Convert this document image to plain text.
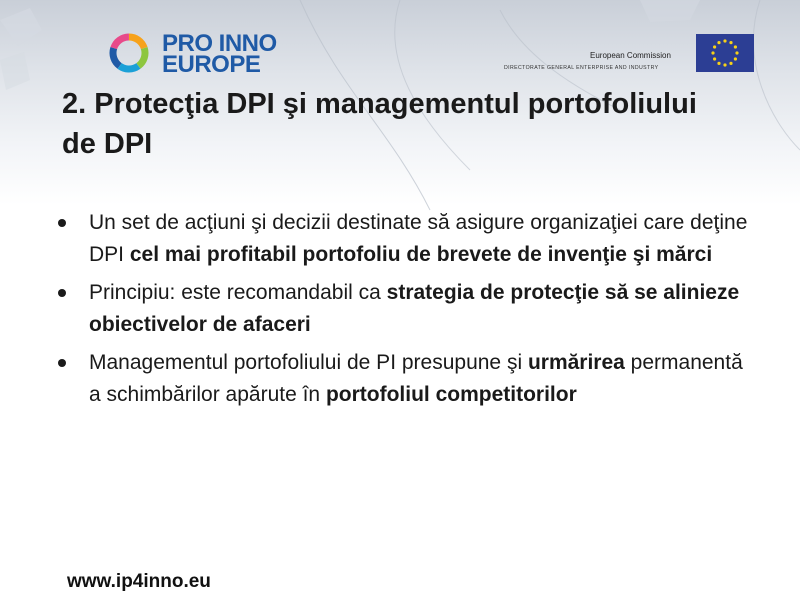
PRO INNO
EUROPE	European Commission
DIRECTORATE GENERAL ENTERPRISE AND INDUSTRY
2. Protecţia DPI şi managementul portofoliului de DPI
Un set de acţiuni şi decizii destinate să asigure organizaţiei care deţine DPI cel mai profitabil portofoliu de brevete de invenţie şi mărci
Principiu: este recomandabil ca strategia de protecţie să se alinieze obiectivelor de afaceri
Managementul portofoliului de PI presupune şi urmărirea permanentă a schimbărilor apărute în portofoliul competitorilor
www.ip4inno.eu
